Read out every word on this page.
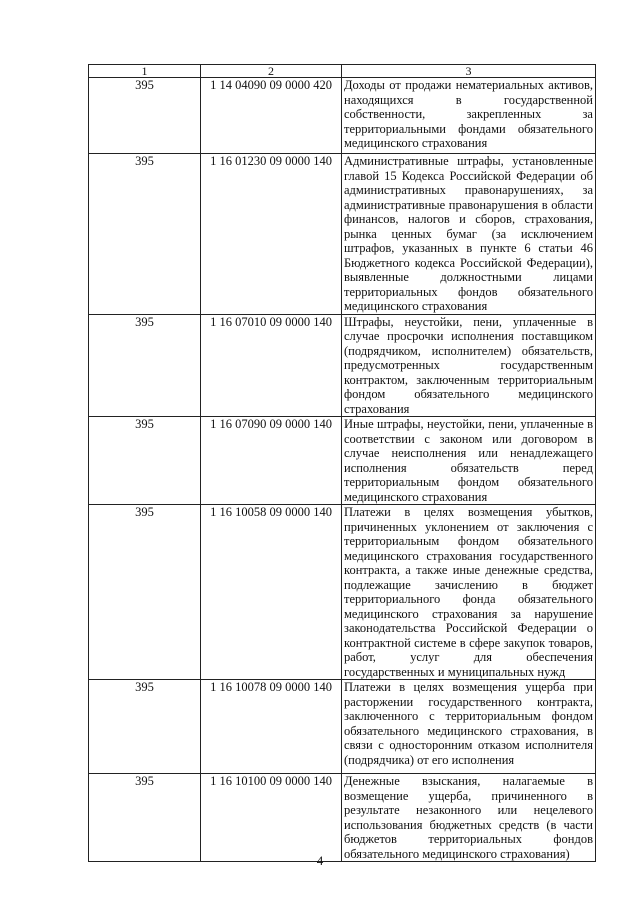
1	2	3
395	1 14 04090 09 0000 420	Доходы от продажи нематериальных активов, находящихся в государственной собственности, закрепленных за территориальными фондами обязательного медицинского страхования
395	1 16 01230 09 0000 140	Административные штрафы, установленные главой 15 Кодекса Российской Федерации об административных правонарушениях, за административные правонарушения в области финансов, налогов и сборов, страхования, рынка ценных бумаг (за исключением штрафов, указанных в пункте 6 статьи 46 Бюджетного кодекса Российской Федерации), выявленные должностными лицами территориальных фондов обязательного медицинского страхования
395	1 16 07010 09 0000 140	Штрафы, неустойки, пени, уплаченные в случае просрочки исполнения поставщиком (подрядчиком, исполнителем) обязательств, предусмотренных государственным контрактом, заключенным территориальным фондом обязательного медицинского страхования
395	1 16 07090 09 0000 140	Иные штрафы, неустойки, пени, уплаченные в соответствии с законом или договором в случае неисполнения или ненадлежащего исполнения обязательств перед территориальным фондом обязательного медицинского страхования
395	1 16 10058 09 0000 140	Платежи в целях возмещения убытков, причиненных уклонением от заключения с территориальным фондом обязательного медицинского страхования государственного контракта, а также иные денежные средства, подлежащие зачислению в бюджет территориального фонда обязательного медицинского страхования за нарушение законодательства Российской Федерации о контрактной системе в сфере закупок товаров, работ, услуг для обеспечения государственных и муниципальных нужд
395	1 16 10078 09 0000 140	Платежи в целях возмещения ущерба при расторжении государственного контракта, заключенного с территориальным фондом обязательного медицинского страхования, в связи с односторонним отказом исполнителя (подрядчика) от его исполнения
395	1 16 10100 09 0000 140	Денежные взыскания, налагаемые в возмещение ущерба, причиненного в результате незаконного или нецелевого использования бюджетных средств (в части бюджетов территориальных фондов обязательного медицинского страхования)
4
